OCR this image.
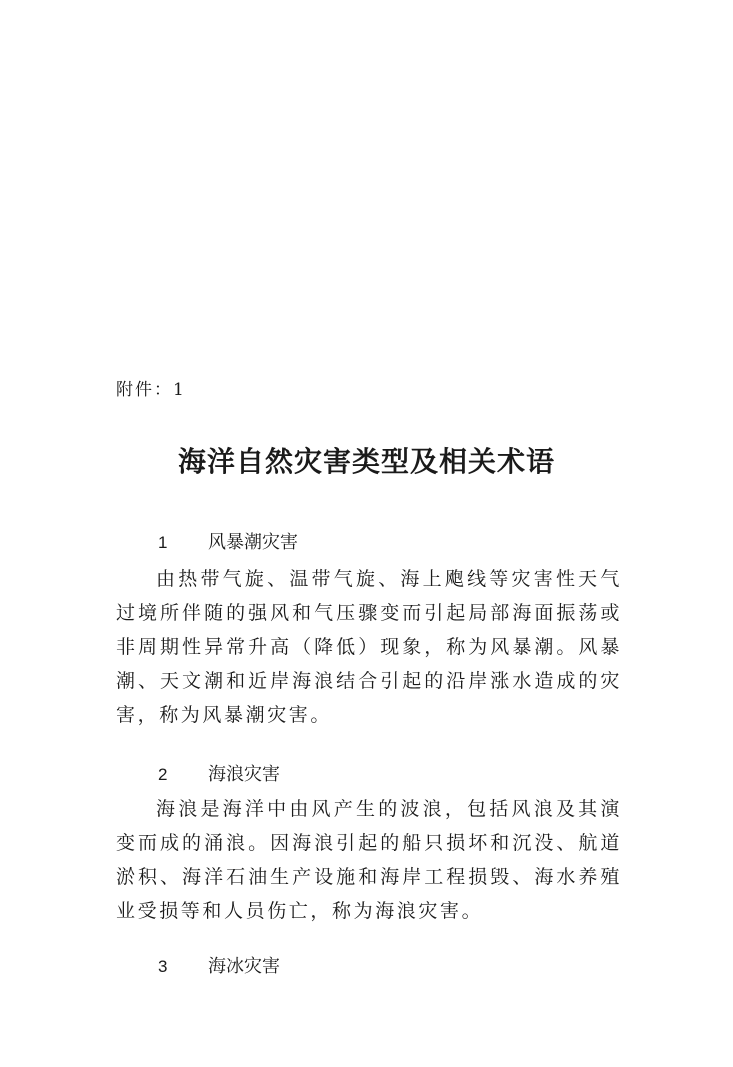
附件：1
海洋自然灾害类型及相关术语
1	风暴潮灾害

由热带气旋、温带气旋、海上飑线等灾害性天气过境所伴随的强风和气压骤变而引起局部海面振荡或非周期性异常升高（降低）现象，称为风暴潮。风暴潮、天文潮和近岸海浪结合引起的沿岸涨水造成的灾害，称为风暴潮灾害。

2	海浪灾害

海浪是海洋中由风产生的波浪，包括风浪及其演变而成的涌浪。因海浪引起的船只损坏和沉没、航道淤积、海洋石油生产设施和海岸工程损毁、海水养殖业受损等和人员伤亡，称为海浪灾害。

3	海冰灾害
